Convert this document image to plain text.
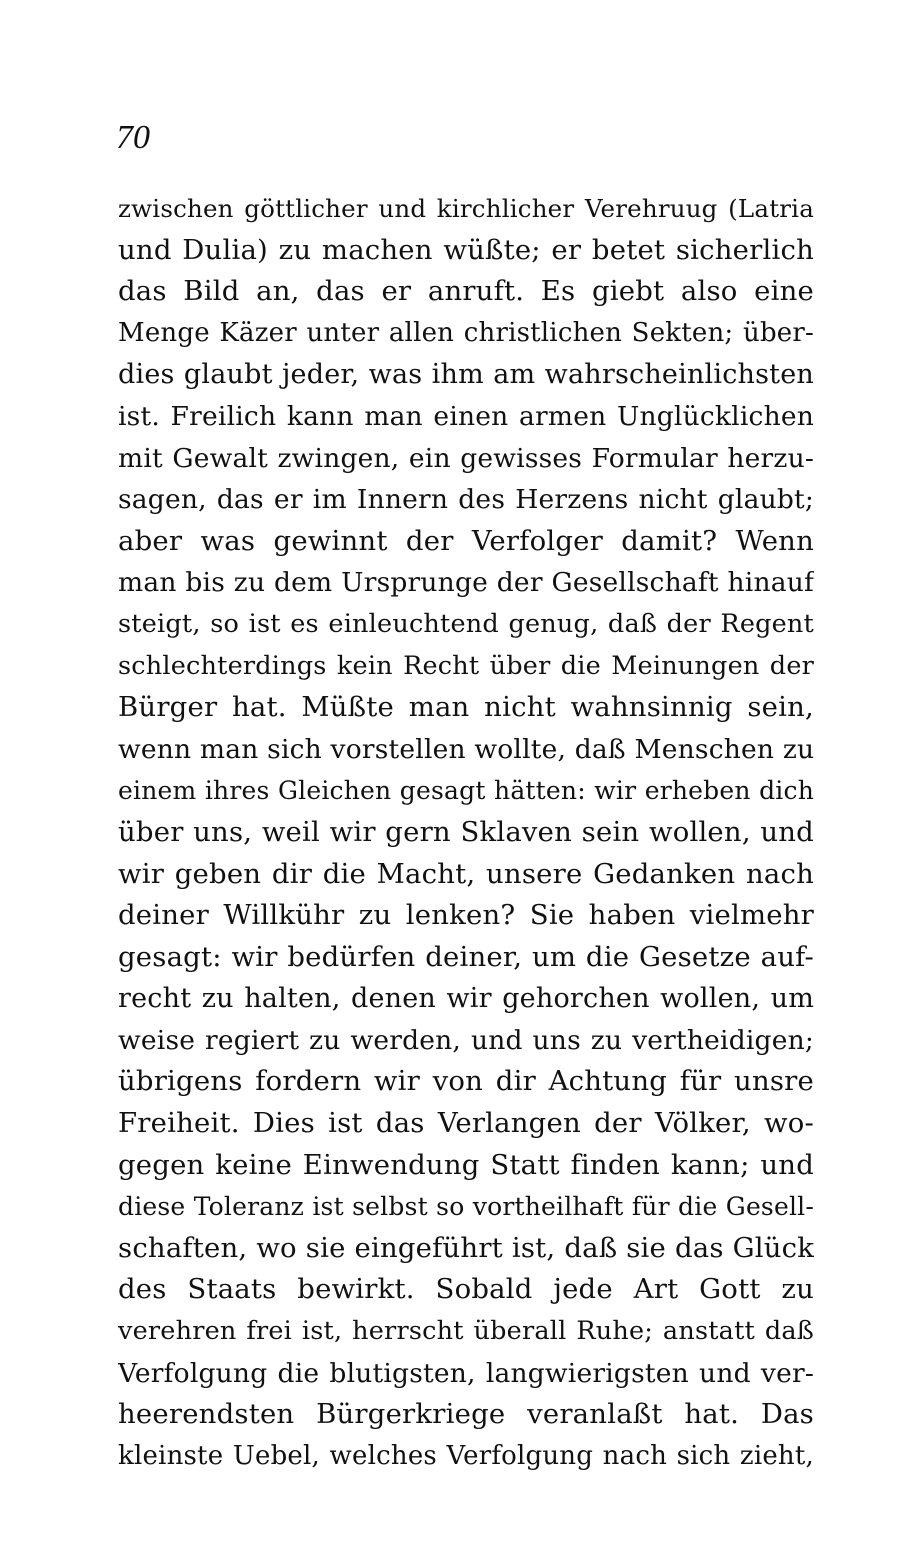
70
zwischen göttlicher und kirchlicher Verehruug (Latria
und Dulia) zu machen wüßte; er betet sicherlich
das Bild an, das er anruft. Es giebt also eine
Menge Käzer unter allen christlichen Sekten; über-
dies glaubt jeder, was ihm am wahrscheinlichsten
ist. Freilich kann man einen armen Unglücklichen
mit Gewalt zwingen, ein gewisses Formular herzu-
sagen, das er im Innern des Herzens nicht glaubt;
aber was gewinnt der Verfolger damit? Wenn
man bis zu dem Ursprunge der Gesellschaft hinauf
steigt, so ist es einleuchtend genug, daß der Regent
schlechterdings kein Recht über die Meinungen der
Bürger hat. Müßte man nicht wahnsinnig sein,
wenn man sich vorstellen wollte, daß Menschen zu
einem ihres Gleichen gesagt hätten: wir erheben dich
über uns, weil wir gern Sklaven sein wollen, und
wir geben dir die Macht, unsere Gedanken nach
deiner Willkühr zu lenken? Sie haben vielmehr
gesagt: wir bedürfen deiner, um die Gesetze auf-
recht zu halten, denen wir gehorchen wollen, um
weise regiert zu werden, und uns zu vertheidigen;
übrigens fordern wir von dir Achtung für unsre
Freiheit. Dies ist das Verlangen der Völker, wo-
gegen keine Einwendung Statt finden kann; und
diese Toleranz ist selbst so vortheilhaft für die Gesell-
schaften, wo sie eingeführt ist, daß sie das Glück
des Staats bewirkt. Sobald jede Art Gott zu
verehren frei ist, herrscht überall Ruhe; anstatt daß
Verfolgung die blutigsten, langwierigsten und ver-
heerendsten Bürgerkriege veranlaßt hat. Das
kleinste Uebel, welches Verfolgung nach sich zieht,
